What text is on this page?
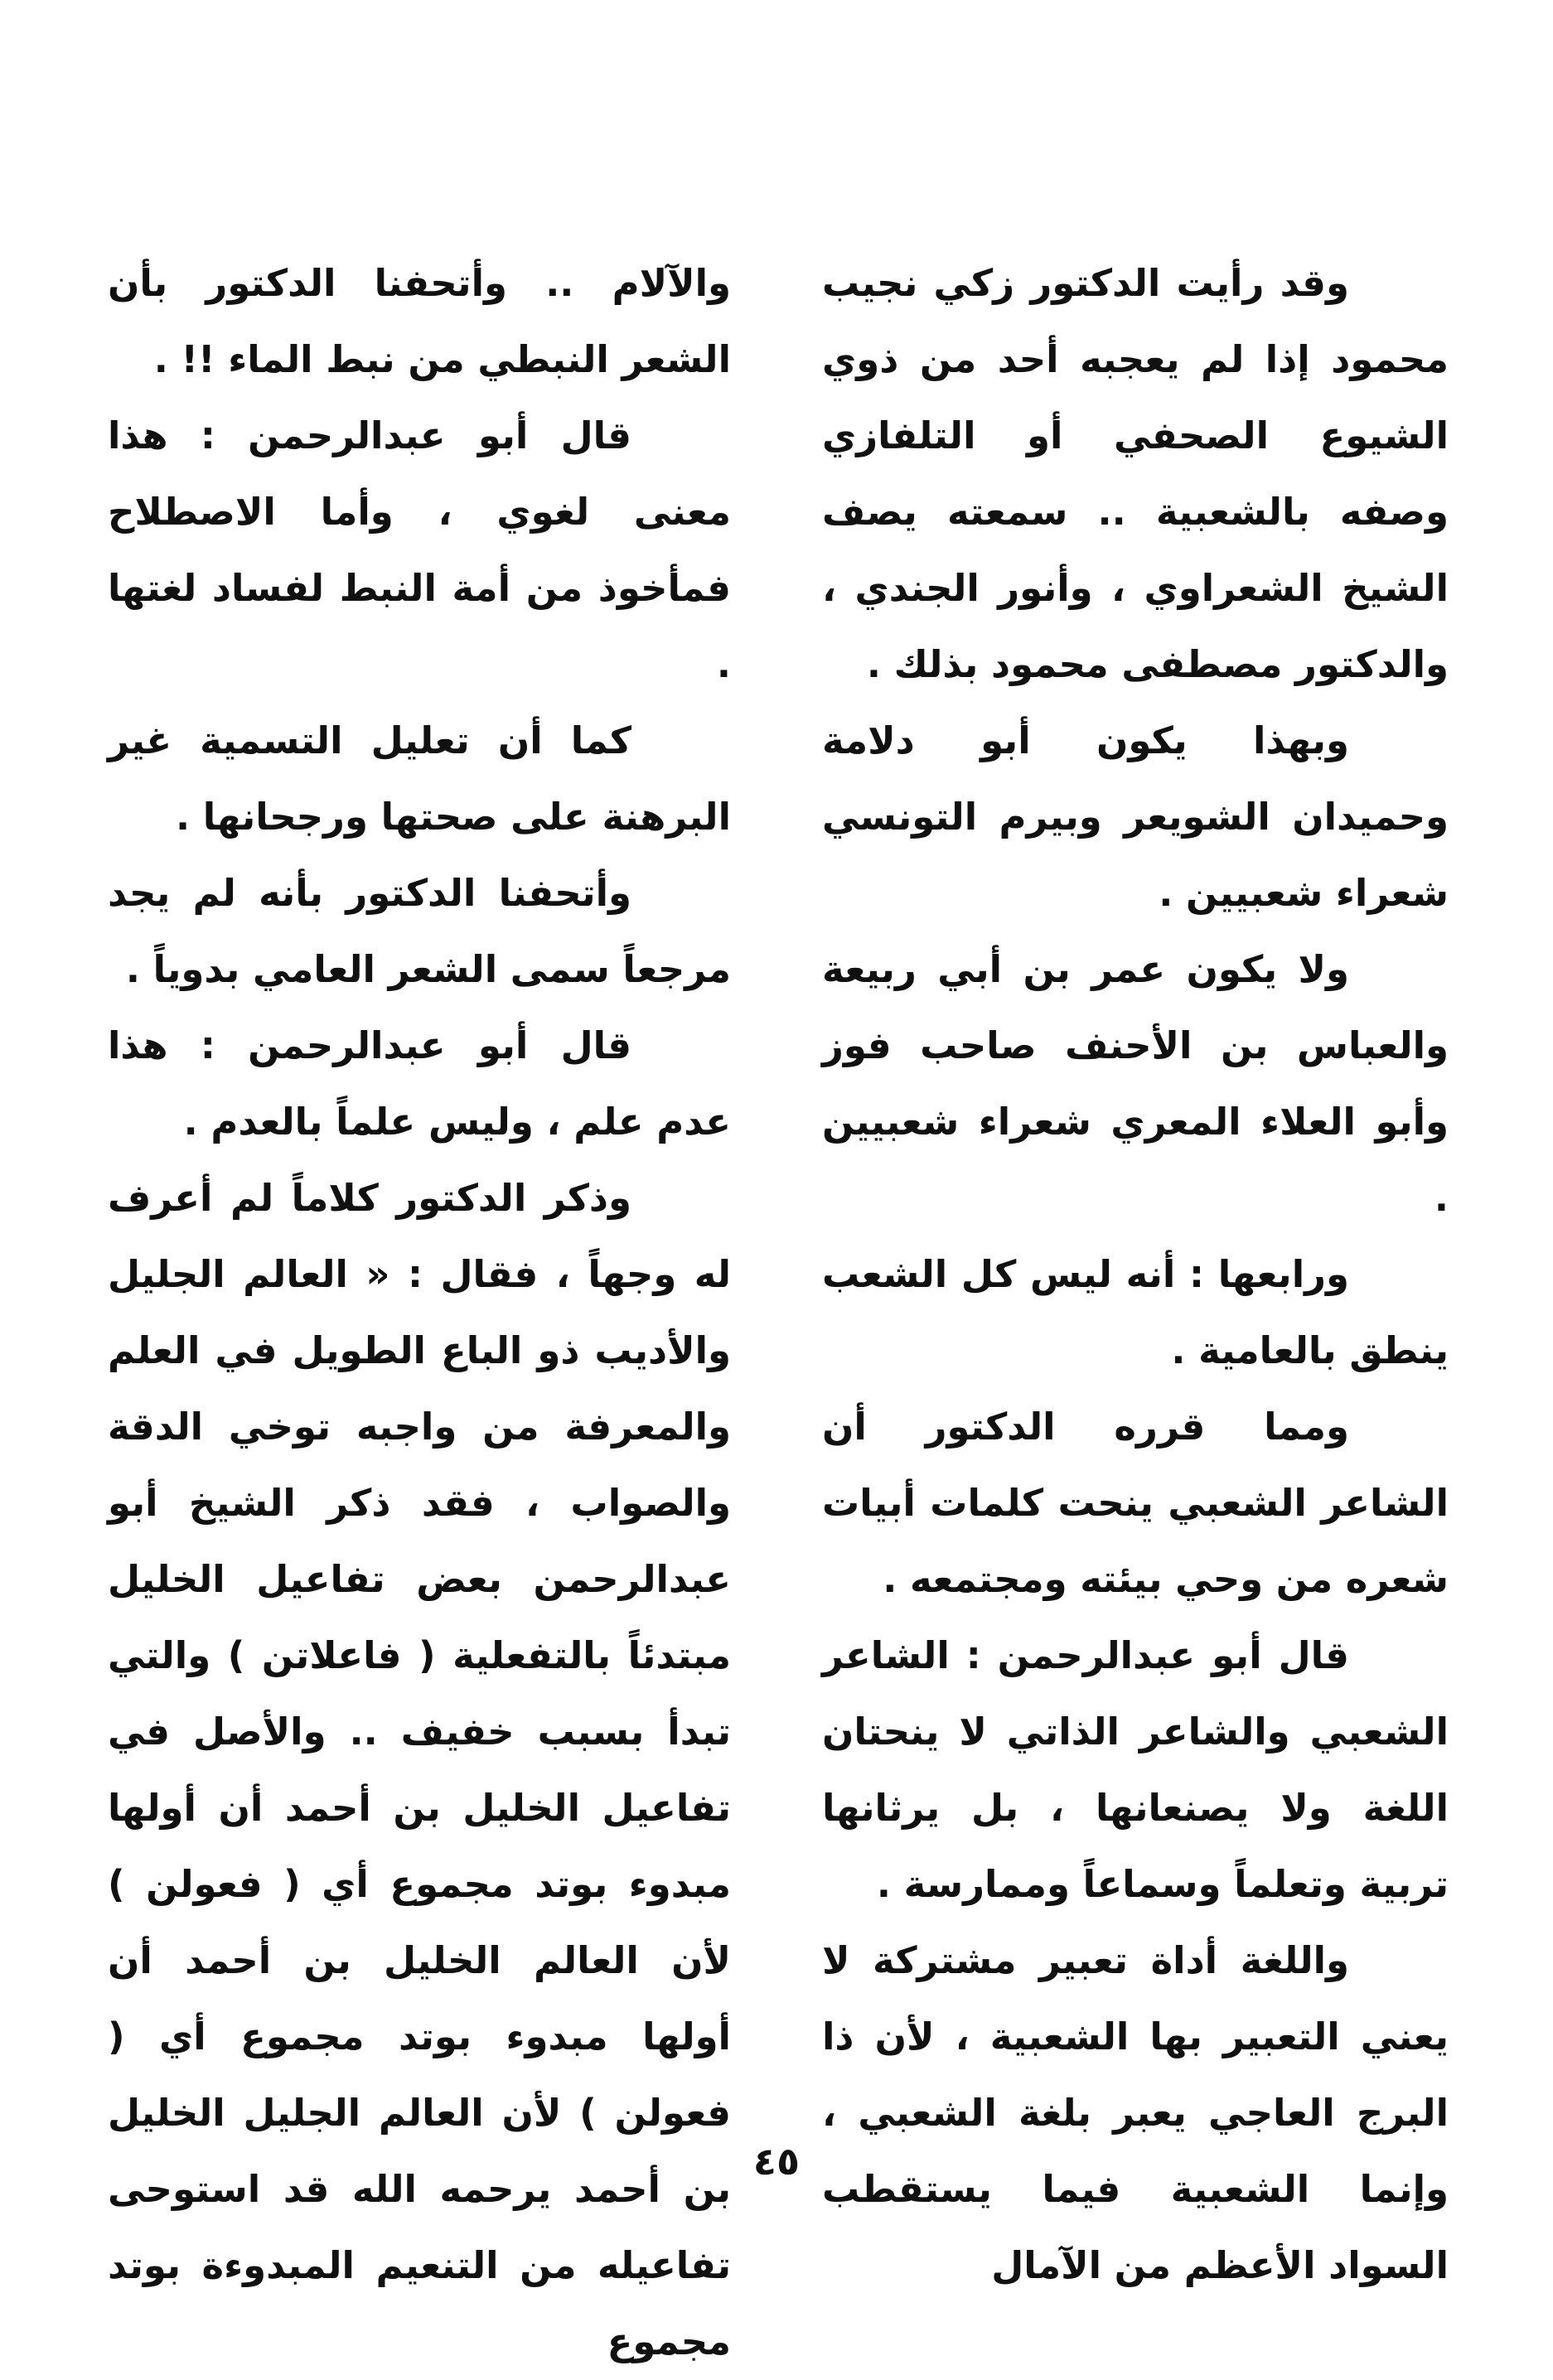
وقد رأيت الدكتور زكي نجيب محمود إذا لم يعجبه أحد من ذوي الشيوع الصحفي أو التلفازي وصفه بالشعبية .. سمعته يصف الشيخ الشعراوي ، وأنور الجندي ، والدكتور مصطفى محمود بذلك .

وبهذا يكون أبو دلامة وحميدان الشويعر وبيرم التونسي شعراء شعبيين .

ولا يكون عمر بن أبي ربيعة والعباس بن الأحنف صاحب فوز وأبو العلاء المعري شعراء شعبيين .

ورابعها : أنه ليس كل الشعب ينطق بالعامية .

ومما قرره الدكتور أن الشاعر الشعبي ينحت كلمات أبيات شعره من وحي بيئته ومجتمعه .

قال أبو عبدالرحمن : الشاعر الشعبي والشاعر الذاتي لا ينحتان اللغة ولا يصنعانها ، بل يرثانها تربية وتعلماً وسماعاً وممارسة .

واللغة أداة تعبير مشتركة لا يعني التعبير بها الشعبية ، لأن ذا البرج العاجي يعبر بلغة الشعبي ، وإنما الشعبية فيما يستقطب السواد الأعظم من الآمال

والآلام .. وأتحفنا الدكتور بأن الشعر النبطي من نبط الماء !! .

قال أبو عبدالرحمن : هذا معنى لغوي ، وأما الاصطلاح فمأخوذ من أمة النبط لفساد لغتها .

كما أن تعليل التسمية غير البرهنة على صحتها ورجحانها .

وأتحفنا الدكتور بأنه لم يجد مرجعاً سمى الشعر العامي بدوياً .

قال أبو عبدالرحمن : هذا عدم علم ، وليس علماً بالعدم .

وذكر الدكتور كلاماً لم أعرف له وجهاً ، فقال : « العالم الجليل والأديب ذو الباع الطويل في العلم والمعرفة من واجبه توخي الدقة والصواب ، فقد ذكر الشيخ أبو عبدالرحمن بعض تفاعيل الخليل مبتدئاً بالتفعلية ( فاعلاتن ) والتي تبدأ بسبب خفيف .. والأصل في تفاعيل الخليل بن أحمد أن أولها مبدوء بوتد مجموع أي ( فعولن ) لأن العالم الخليل بن أحمد أن أولها مبدوء بوتد مجموع أي ( فعولن ) لأن العالم الجليل الخليل بن أحمد يرحمه الله قد استوحى تفاعيله من التنعيم المبدوءة بوتد مجموع

٤٥
